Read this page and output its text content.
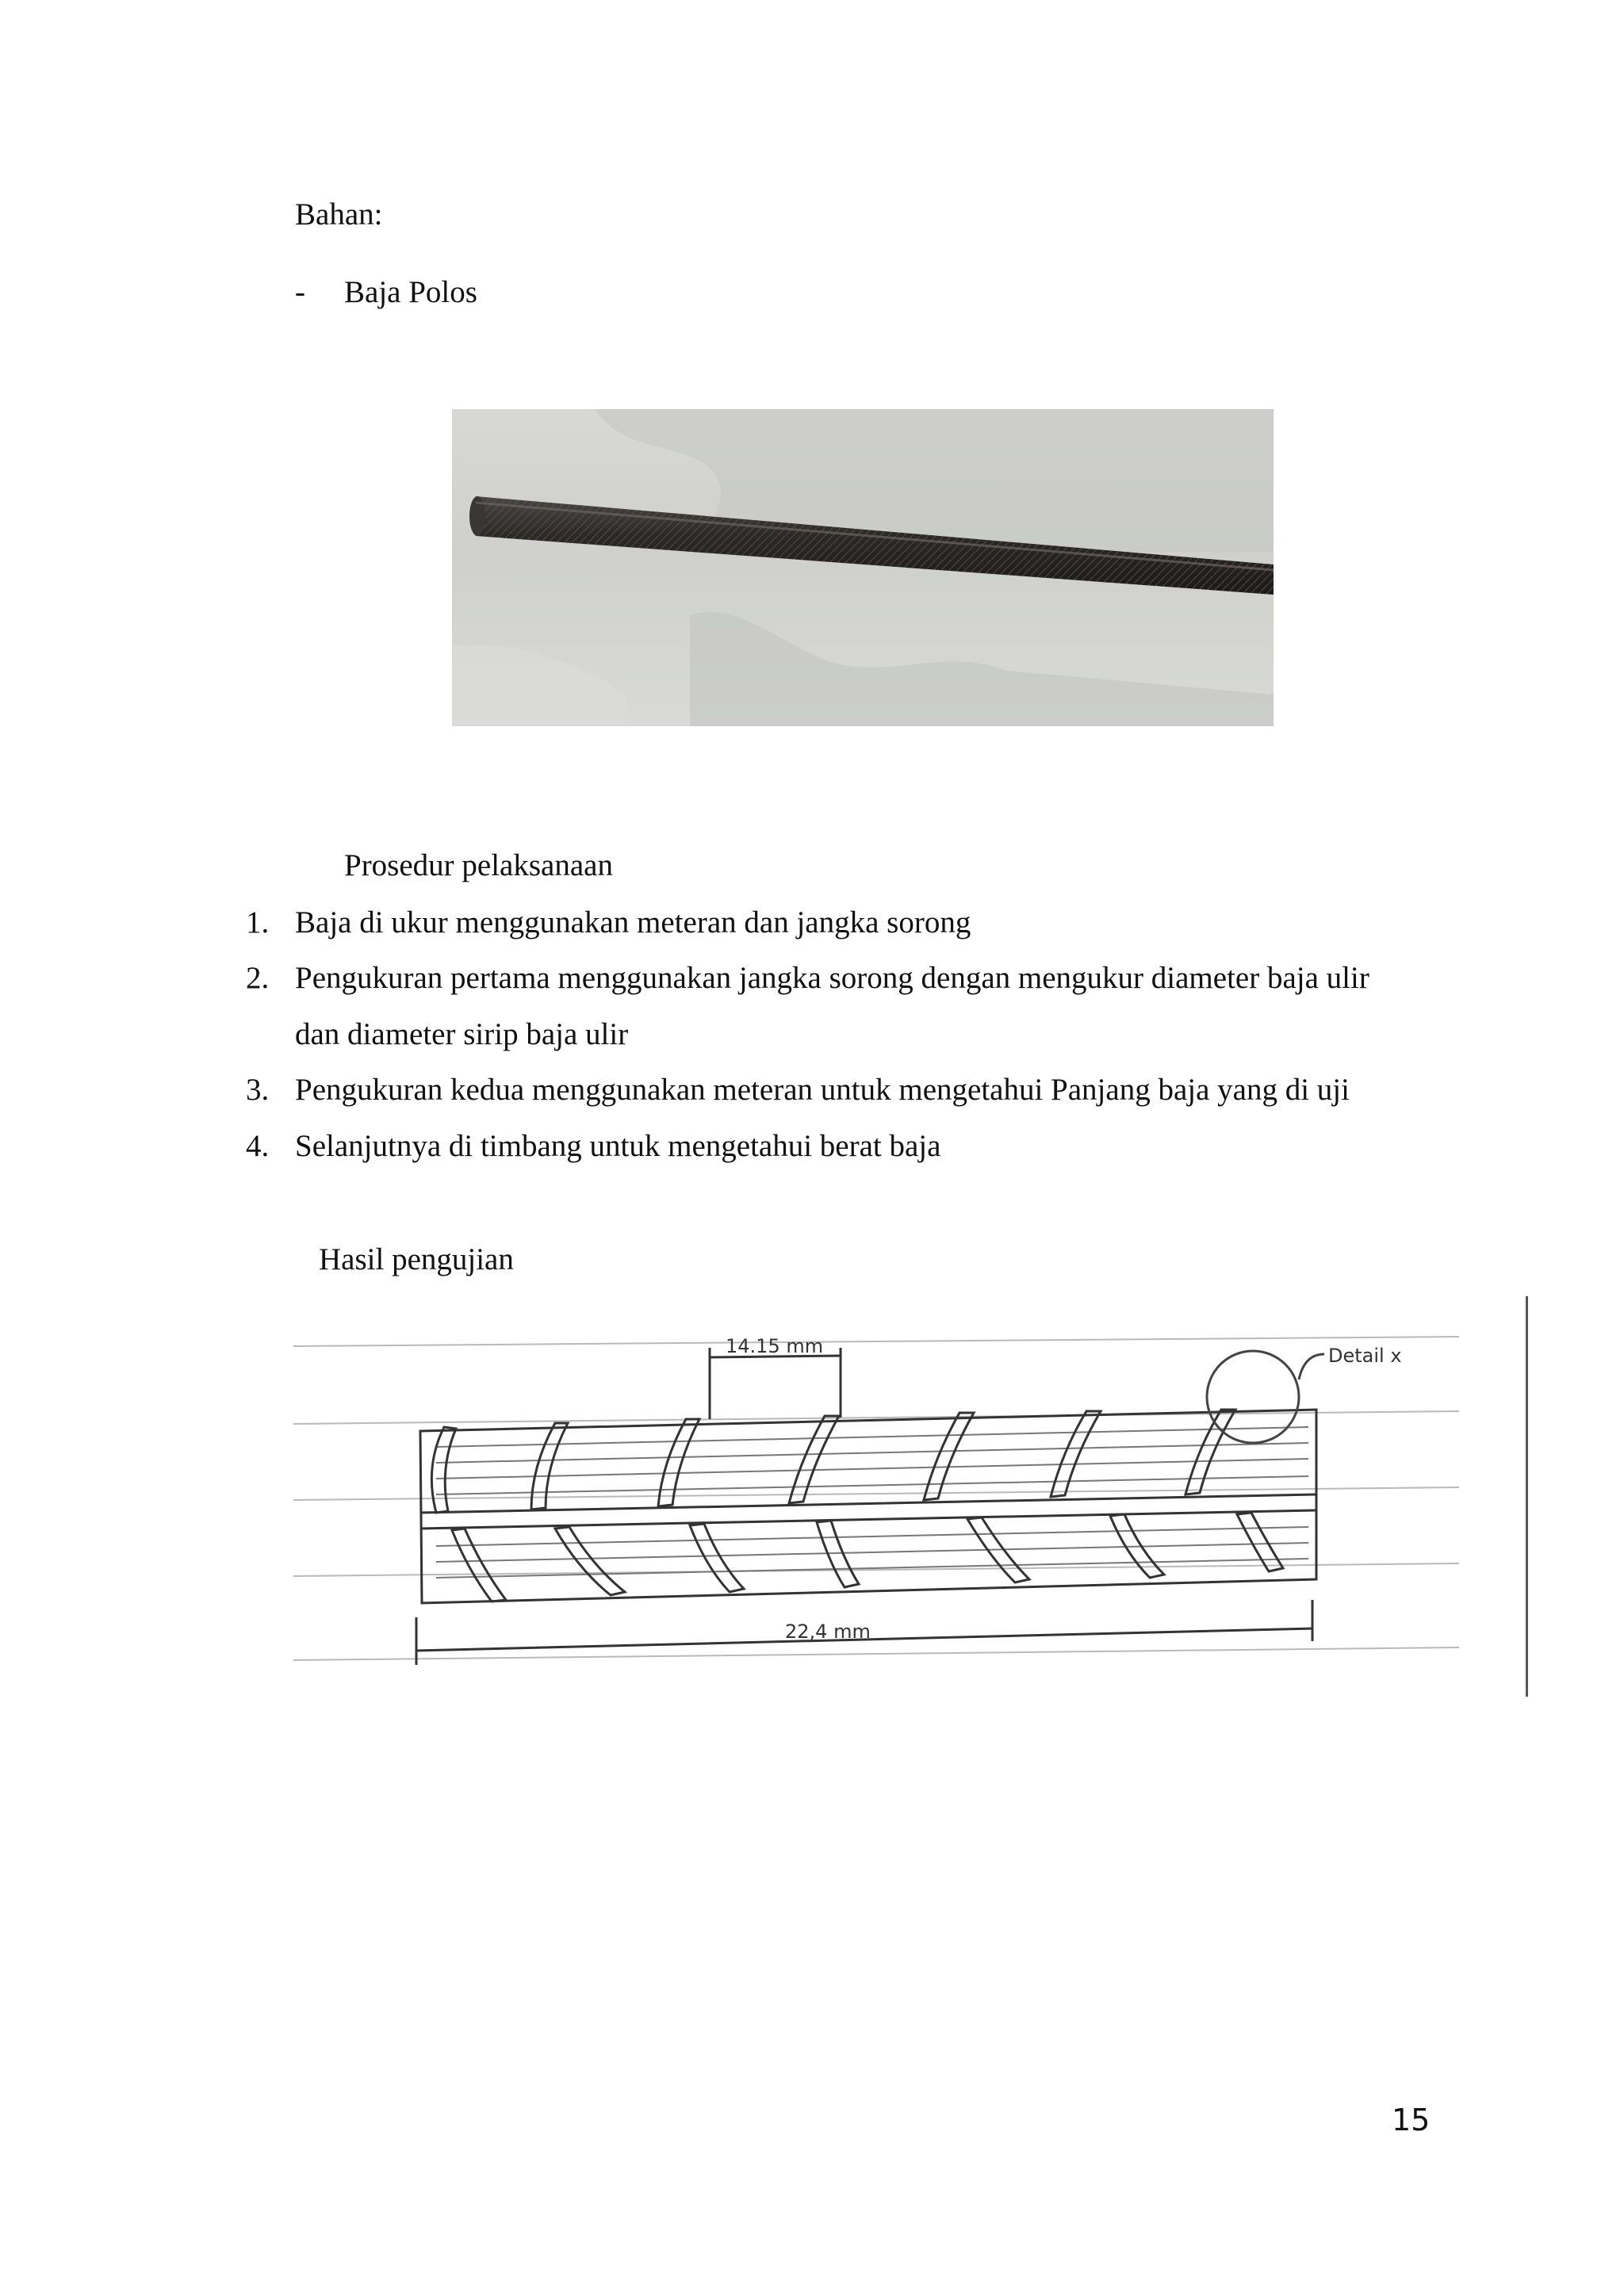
Bahan:
- Baja Polos
Prosedur pelaksanaan
1. Baja di ukur menggunakan meteran dan jangka sorong
2. Pengukuran pertama menggunakan jangka sorong dengan mengukur diameter baja ulir
dan diameter sirip baja ulir
3. Pengukuran kedua menggunakan meteran untuk mengetahui Panjang baja yang di uji
4. Selanjutnya di timbang untuk mengetahui berat baja
Hasil pengujian
14.15 mm
22,4 mm
Detail x
15
